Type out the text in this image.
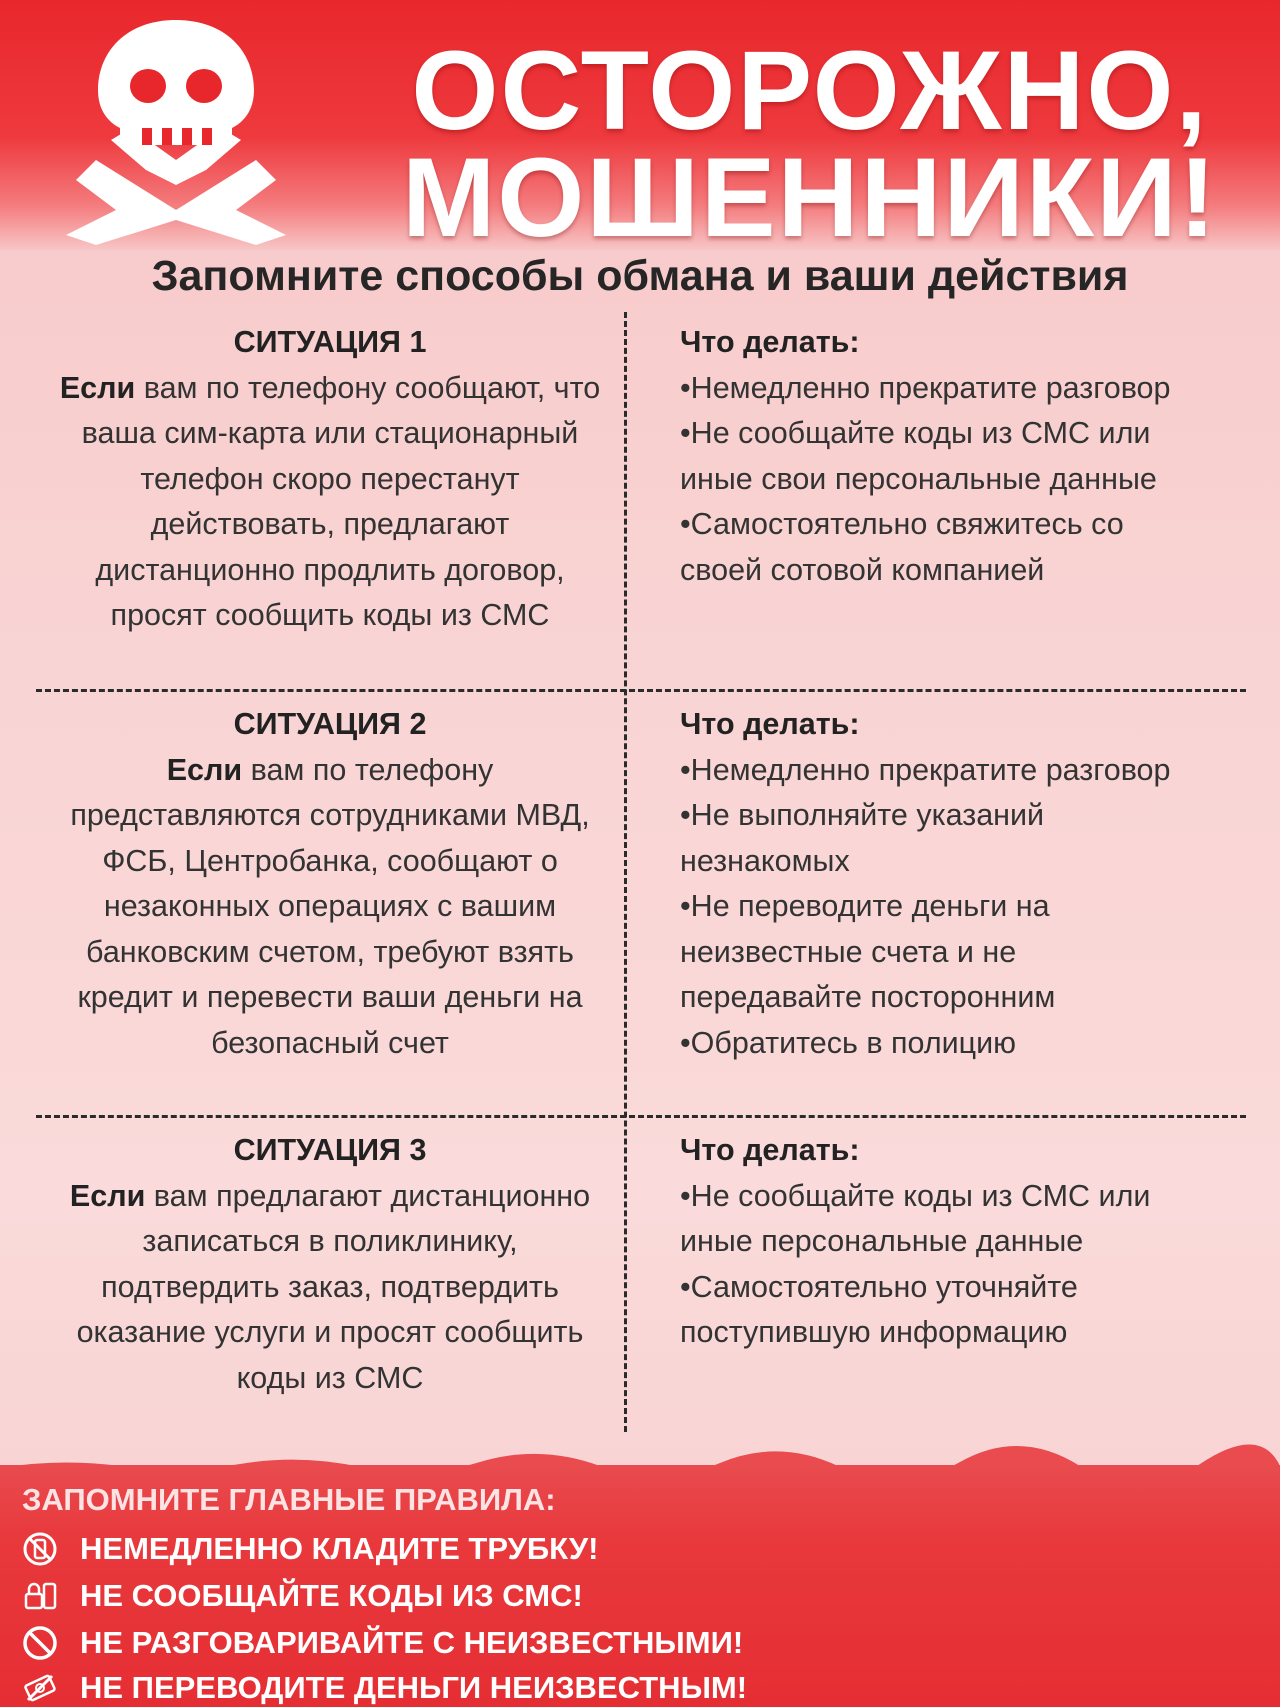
ОСТОРОЖНО,
МОШЕННИКИ!
Запомните способы обмана и ваши действия
СИТУАЦИЯ 1
Если вам по телефону сообщают, что ваша сим-карта или стационарный телефон скоро перестанут действовать, предлагают дистанционно продлить договор, просят сообщить коды из СМС
Что делать:
•Немедленно прекратите разговор
•Не сообщайте коды из СМС или
иные свои персональные данные
•Самостоятельно свяжитесь со
своей сотовой компанией
СИТУАЦИЯ 2
Если вам по телефону представляются сотрудниками МВД, ФСБ, Центробанка, сообщают о незаконных операциях с вашим банковским счетом, требуют взять кредит и перевести ваши деньги на безопасный счет
Что делать:
•Немедленно прекратите разговор
•Не выполняйте указаний
незнакомых
•Не переводите деньги на
неизвестные счета и не
передавайте посторонним
•Обратитесь в полицию
СИТУАЦИЯ 3
Если вам предлагают дистанционно записаться в поликлинику, подтвердить заказ, подтвердить оказание услуги и просят сообщить коды из СМС
Что делать:
•Не сообщайте коды из СМС или
иные персональные данные
•Самостоятельно уточняйте
поступившую информацию

ЗАПОМНИТЕ ГЛАВНЫЕ ПРАВИЛА:

НЕМЕДЛЕННО КЛАДИТЕ ТРУБКУ!
НЕ СООБЩАЙТЕ КОДЫ ИЗ СМС!
НЕ РАЗГОВАРИВАЙТЕ С НЕИЗВЕСТНЫМИ!
НЕ ПЕРЕВОДИТЕ ДЕНЬГИ НЕИЗВЕСТНЫМ!
